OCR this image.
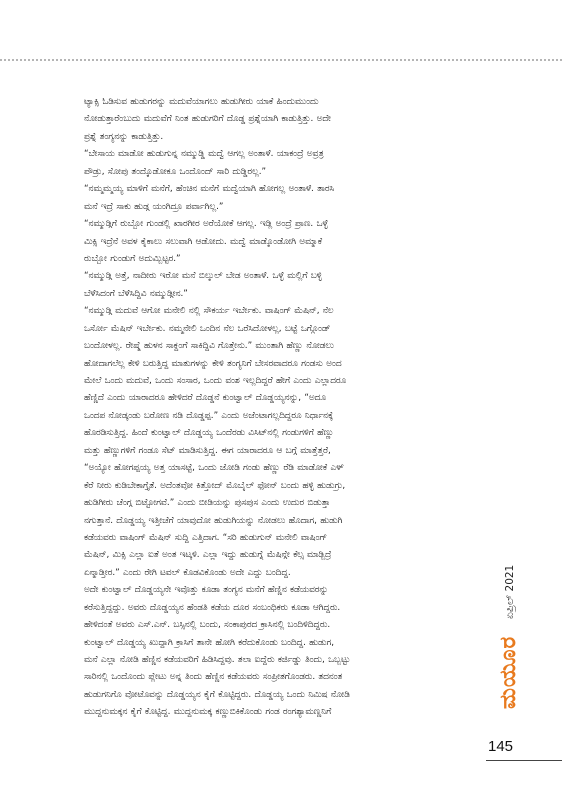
ಟ್ಯಾಕ್ಸಿ ಓಡಿಸುವ ಹುಡುಗರನ್ನು ಮದುವೆಯಾಗಲು ಹುಡುಗೀರು ಯಾಕೆ ಹಿಂದುಮುಂದು
ನೋಡುತ್ತಾರೆಂಬುದು ಮದುವೆಗೆ ನಿಂತ ಹುಡುಗರಿಗೆ ದೊಡ್ಡ ಪ್ರಶ್ನೆಯಾಗಿ ಕಾಡುತ್ತಿತ್ತು. ಅದೇ
ಪ್ರಶ್ನೆ ತಂಗ್ಯನನ್ನು ಕಾಡುತ್ತಿತ್ತು.
“ಬೇಸಾಯ ಮಾಡೋ ಹುಡುಗುನ್ನ ನಮ್ಮುಡ್ಡಿ ಮದ್ವೆ ಆಗಲ್ಲ ಅಂತಾಳೆ. ಯಾಕಂದ್ರೆ ಅವ್ರತ್ರ
ಪೌಡ್ರು, ಸೋಪು ತಂದ್ಕೊಡೋಕೂ ಒಂದೊಂದ್ ಸಾರಿ ದುಡ್ಡಿರಲ್ಲ.”
“ನಮ್ಮಮ್ಮಯ್ಯ ಮಾಳಿಗೆ ಮನೆಗೆ, ಹೆಂಚಿನ ಮನೆಗೆ ಮದ್ವೆಯಾಗಿ ಹೋಗಲ್ಲ ಅಂತಾಳೆ. ತಾರಸಿ
ಮನೆ ಇದ್ರೆ ಸಾಕು ಹುಡ್ಗ ಯಂಗಿದ್ರೂ ಪರ್ವಾಗಿಲ್ಲ.”
“ನಮ್ಮುಡ್ಗಿಗೆ ರುಬ್ಬೋ ಗುಂಡಲ್ಲಿ ಖಾರಗೀರ ಅರೆಯೋಕೆ ಆಗಲ್ಲ. ಇಡ್ಲಿ ಅಂದ್ರೆ ಪ್ರಾಣ. ಒಳ್ಳೆ
ಮಿಕ್ಸಿ ಇದ್ರೆನೆ ಅವಳ ಕೈಕಾಲು ಸಲುವಾಗಿ ಆಡೋದು. ಮದ್ವೆ ಮಾಡ್ಕೊಂಡೋಗಿ ಅಮ್ಮಾಕೆ
ರುಬ್ಬೋ ಗುಂಡುಗೆ ಅದುಮ್ಬಿಟ್ಟರ.”
“ನಮ್ಮುಡ್ಗಿ ಅತ್ತೆ, ನಾದೀರು ಇರೋ ಮನೆ ಬಿಲ್ಕುಲ್ ಬೇಡ ಅಂತಾಳೆ. ಒಳ್ಳೆ ಮಲ್ಲಿಗೆ ಬಳ್ಳಿ
ಬೆಳೆಸಿದಂಗೆ ಬೆಳೆಸಿದ್ದಿವಿ ನಮ್ಮುಡ್ಗೀನ.”
“ನಮ್ಮುಡ್ಗಿ ಮದುವೆ ಆಗೋ ಮನೇಲಿ ನಲ್ಲಿ ಸೌಕರ್ಯ ಇರ್ಬೇಕು. ವಾಷಿಂಗ್ ಮೆಷಿನ್, ನೆಲ
ಒರ್ಸೋ ಮೆಷಿನ್ ಇರ್ಬೇಕು. ನಮ್ಮನೇಲಿ ಒಂದಿನ ನೆಲ ಒರೆಸಿದೋಳಲ್ಲ, ಬಟ್ಟೆ ಒಗ್ಗೊಂಡ್
ಬಂದೋಳಲ್ಲ. ರೇಷ್ಮೆ ಹುಳನ ಸಾಕ್ದಂಗೆ ಸಾಕಿದ್ದಿವಿ ಗೊತ್ತೇನು.” ಮುಂತಾಗಿ ಹೆಣ್ಣು ನೋಡಲು
ಹೋದಾಗಲೆಲ್ಲ ಕೇಳಿ ಬರುತ್ತಿದ್ದ ಮಾತುಗಳನ್ನು ಕೇಳಿ ತಂಗ್ಯನಿಗೆ ಬೇಸರವಾದರೂ ಗಂಡಸು ಅಂದ
ಮೇಲೆ ಒಂದು ಮದುವೆ, ಒಂದು ಸಂಸಾರ, ಒಂದು ವಂಶ ಇಲ್ಲದಿದ್ದರೆ ಹೇಗೆ ಎಂದು ಎಲ್ಲಾದರೂ
ಹೆಣ್ಣಿದೆ ಎಂದು ಯಾರಾದರೂ ಹೇಳಿದರೆ ದೊಡ್ಡನೆ ಕುಂಟ್ವಾಲ್ ದೊಡ್ಡಯ್ಯನನ್ನು, “ಅದೂ
ಒಂದಪ ನೋಡ್ಕಂಡು ಬರೋಣ ನಡಿ ದೊಡ್ಡಪ್ಪ.” ಎಂದು ಅಜೆಂಟಾಗಲ್ಲದಿದ್ದರೂ ನಿರ್ಧಾನಕ್ಕೆ
ಹೊರಡಿಸುತ್ತಿದ್ದ. ಹಿಂದೆ ಕುಂಟ್ವಾಲ್ ದೊಡ್ಡಯ್ಯ ಒಂದೆರಡು ವಿಸಿಟ್‌ನಲ್ಲಿ ಗಂಡುಗಳಿಗೆ ಹೆಣ್ಣು
ಮತ್ತು ಹೆಣ್ಣುಗಳಿಗೆ ಗಂಡೂ ಸೆಟ್ ಮಾಡಿಸುತ್ತಿದ್ದ. ಈಗ ಯಾರಾದರೂ ಆ ಬಗ್ಗೆ ಮಾತ್ತೆತ್ತರೆ,
“ಅಯ್ಯೋ ಹೋಗಪ್ಪಯ್ಯ ಅತ್ತ ಯಾಸಟ್ಟೆ, ಒಂದು ಜೋಡಿ ಗಂಡು ಹೆಣ್ಣು ರೆಡಿ ಮಾಡೋಕೆ ಎಳ್
ಕೆರೆ ನೀರು ಕುಡಿಬೇಕಾಗ್ತೈತೆ. ಅದೆಂತವೋ ಕಿತ್ತೋದ್ ಮೊಬೈಲ್ ಫೋನ್ ಬಂದು ಹಳ್ಳಿ ಹುಡುಗ್ರು,
ಹುಡಿಗೀರು ಚೆಂಗ್ಗ ಬಿಟ್ಟೋಗವೆ.” ಎಂದು ಬೀಡಿಯನ್ನು ಪುಸಪುಸ ಎಂದು ಉದುರ ಬಿಡುತ್ತಾ
ನಗುತ್ತಾನೆ. ದೊಡ್ಡಯ್ಯ ಇತ್ತೀಚೆಗೆ ಯಾವುದೋ ಹುಡುಗಿಯನ್ನು ನೋಡಲು ಹೊದಾಗ, ಹುಡುಗಿ
ಕಡೆಯವರು ವಾಷಿಂಗ್ ಮೆಷಿನ್ ಸುದ್ದಿ ಎತ್ತಿದಾಗ. “ಸರಿ ಹುಡುಗುನ್ ಮನೇಲಿ ವಾಷಿಂಗ್
ಮೆಷಿನ್, ಮಿಕ್ಸಿ ಎಲ್ಲಾ ಐತೆ ಅಂತ ಇಟ್ಕಳಿ. ಎಲ್ಲಾ ಇದ್ದು ಹುಡುಗ್ನೆ ಮೆಷಿನ್ಗೇ ಕೆಲ್ಸ ಮಾಡ್ಬಿದ್ರೆ
ಏನ್ಮಾಡ್ತೀರ.” ಎಂದು ರೇಗಿ ಟವಲ್ ಕೊಡವಿಕೊಂಡು ಅದೇ ಎದ್ದು ಬಂದಿದ್ದ.
ಅದೇ ಕುಂಟ್ವಾಲ್ ದೊಡ್ಡಯ್ಯನೇ ಇವೊತ್ತು ಕೂಡಾ ತಂಗ್ಯನ ಮನೆಗೆ ಹೆಣ್ಣಿನ ಕಡೆಯವರನ್ನು
ಕರೆಸುತ್ತಿದ್ದದ್ದು. ಅವರು ದೊಡ್ಡಯ್ಯನ ಹೆಂಡತಿ ಕಡೆಯ ದೂರ ಸಂಬಂಧಿಕರು ಕೂಡಾ ಆಗಿದ್ದರು.
ಹೇಳಿದಂತೆ ಅವರು ಎಸ್.ಎನ್. ಬಸ್ಸಿನಲ್ಲಿ ಬಂದು, ಸಂಕಾಪುರದ ಕ್ರಾಸಿನಲ್ಲಿ ಬಂದಿಳಿದಿದ್ದರು.
ಕುಂಟ್ವಾಲ್ ದೊಡ್ಡಯ್ಯ ಖುದ್ದಾಗಿ ಕ್ರಾಸಿಗೆ ತಾನೇ ಹೋಗಿ ಕರೆದುಕೊಂಡು ಬಂದಿದ್ದ. ಹುಡುಗ,
ಮನೆ ಎಲ್ಲಾ ನೋಡಿ ಹೆಣ್ಣಿನ ಕಡೆಯವರಿಗೆ ಹಿಡಿಸಿದ್ದವು. ತಲಾ ಐದ್ದೆರು ಕರ್ಜಿಡ್ಡು ತಿಂದು, ಒಬ್ಬಟ್ಟು
ಸಾರಿನಲ್ಲಿ ಒಂದೊಂದು ಪ್ಲೇಟು ಅನ್ನ ತಿಂದು ಹೆಣ್ಣಿನ ಕಡೆಯವರು ಸಂಪ್ರೀತಗೊಂಡರು. ತದನಂತ
ಹುಡುಗನಿಗೊ ವೋಟೊವನ್ನು ದೊಡ್ಡಯ್ಯನ ಕೈಗೆ ಕೊಟ್ಟಿದ್ದರು. ದೊಡ್ಡಯ್ಯ ಒಂದು ನಿಮಿಷ ನೋಡಿ
ಮುದ್ದನುಮಕ್ಕನ ಕೈಗೆ ಕೊಟ್ಟಿದ್ದ. ಮುದ್ದನುಮಕ್ಕ ಕಣ್ಣುಬಿಕಿಕೊಂಡು ಗಂಡ ರಂಗಶ್ಯಾಮಣ್ಣನಿಗೆ
ಏಪ್ರಿಲ್ 2021
ಮಯೂರ
145
